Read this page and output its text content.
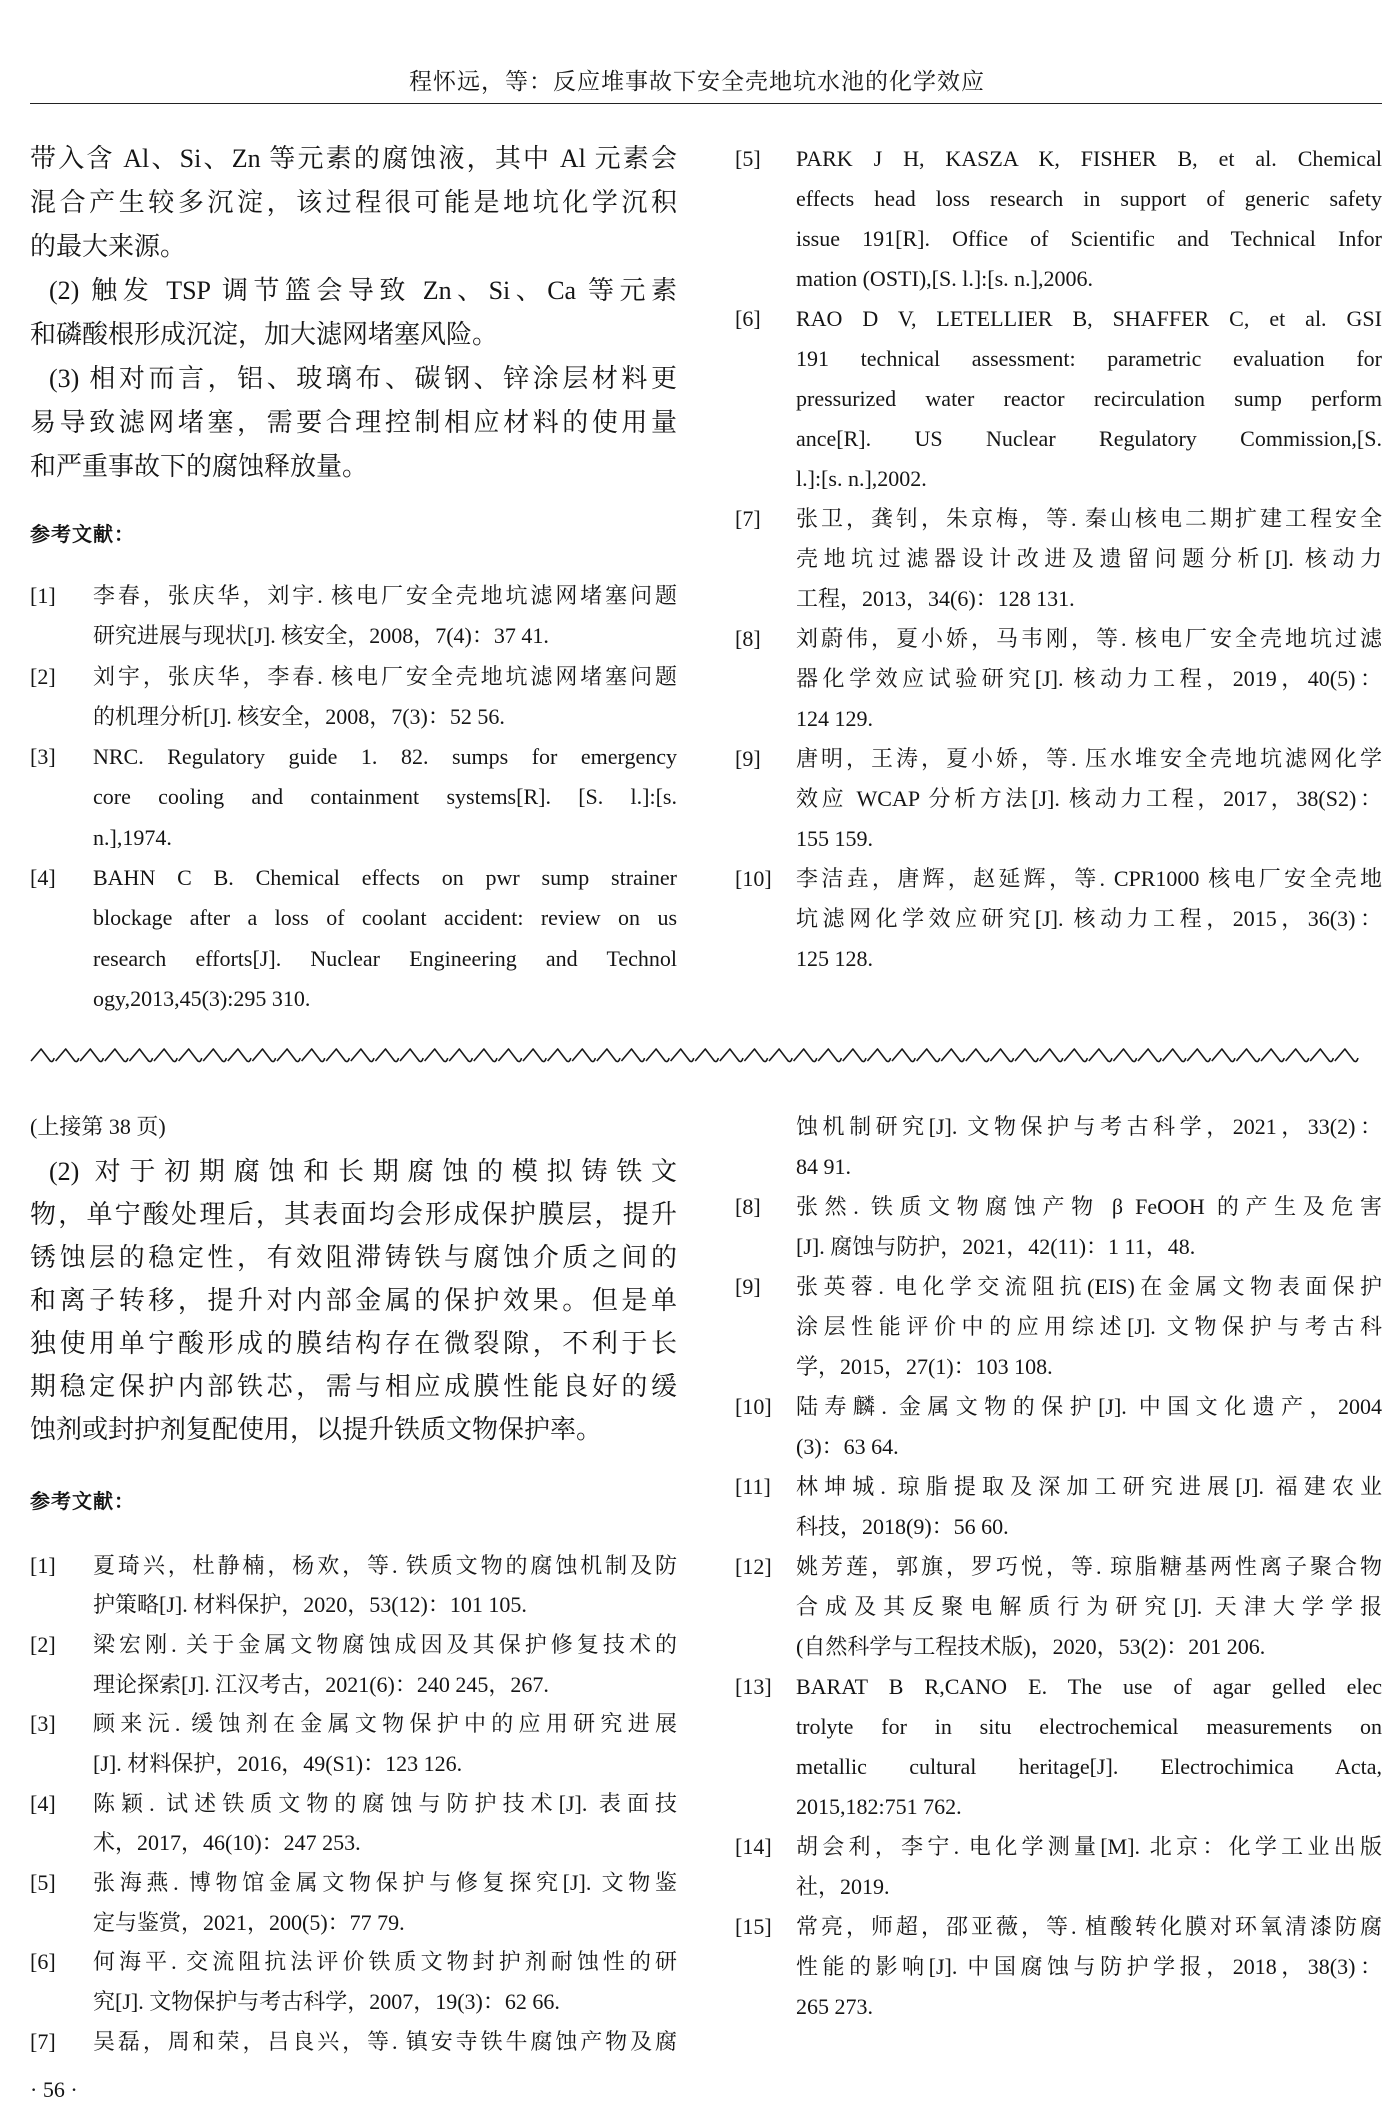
程怀远，等：反应堆事故下安全壳地坑水池的化学效应
带入含 Al、Si、Zn 等元素的腐蚀液，其中 Al 元素会
混合产生较多沉淀，该过程很可能是地坑化学沉积
的最大来源。
(2) 触发 TSP 调节篮会导致 Zn、Si、Ca 等元素
和磷酸根形成沉淀，加大滤网堵塞风险。
(3) 相对而言，铝、玻璃布、碳钢、锌涂层材料更
易导致滤网堵塞，需要合理控制相应材料的使用量
和严重事故下的腐蚀释放量。
参考文献：
[1] 李春，张庆华，刘宇. 核电厂安全壳地坑滤网堵塞问题
研究进展与现状[J]. 核安全，2008，7(4)：37 41.
[2] 刘宇，张庆华，李春. 核电厂安全壳地坑滤网堵塞问题
的机理分析[J]. 核安全，2008，7(3)：52 56.
[3] NRC. Regulatory guide 1. 82. sumps for emergency
core cooling and containment systems[R]. [S. l.]:[s.
n.],1974.
[4] BAHN C B. Chemical effects on pwr sump strainer
blockage after a loss of coolant accident: review on us
research efforts[J]. Nuclear Engineering and Technol
ogy,2013,45(3):295 310.
[5] PARK J H, KASZA K, FISHER B, et al. Chemical
effects head loss research in support of generic safety
issue 191[R]. Office of Scientific and Technical Infor
mation (OSTI),[S. l.]:[s. n.],2006.
[6] RAO D V, LETELLIER B, SHAFFER C, et al. GSI
191 technical assessment: parametric evaluation for
pressurized water reactor recirculation sump perform
ance[R]. US Nuclear Regulatory Commission,[S.
l.]:[s. n.],2002.
[7] 张卫，龚钊，朱京梅，等. 秦山核电二期扩建工程安全
壳地坑过滤器设计改进及遗留问题分析[J]. 核动力
工程，2013，34(6)：128 131.
[8] 刘蔚伟，夏小娇，马韦刚，等. 核电厂安全壳地坑过滤
器化学效应试验研究[J]. 核动力工程，2019，40(5)：
124 129.
[9] 唐明，王涛，夏小娇，等. 压水堆安全壳地坑滤网化学
效应 WCAP 分析方法[J]. 核动力工程，2017，38(S2)：
155 159.
[10] 李洁垚，唐辉，赵延辉，等. CPR1000 核电厂安全壳地
坑滤网化学效应研究[J]. 核动力工程，2015，36(3)：
125 128.
(上接第 38 页)
(2) 对于初期腐蚀和长期腐蚀的模拟铸铁文
物，单宁酸处理后，其表面均会形成保护膜层，提升
锈蚀层的稳定性，有效阻滞铸铁与腐蚀介质之间的
和离子转移，提升对内部金属的保护效果。但是单
独使用单宁酸形成的膜结构存在微裂隙，不利于长
期稳定保护内部铁芯，需与相应成膜性能良好的缓
蚀剂或封护剂复配使用，以提升铁质文物保护率。
参考文献：
[1] 夏琦兴，杜静楠，杨欢，等. 铁质文物的腐蚀机制及防
护策略[J]. 材料保护，2020，53(12)：101 105.
[2] 梁宏刚. 关于金属文物腐蚀成因及其保护修复技术的
理论探索[J]. 江汉考古，2021(6)：240 245，267.
[3] 顾来沅. 缓蚀剂在金属文物保护中的应用研究进展
[J]. 材料保护，2016，49(S1)：123 126.
[4] 陈颖. 试述铁质文物的腐蚀与防护技术[J]. 表面技
术，2017，46(10)：247 253.
[5] 张海燕. 博物馆金属文物保护与修复探究[J]. 文物鉴
定与鉴赏，2021，200(5)：77 79.
[6] 何海平. 交流阻抗法评价铁质文物封护剂耐蚀性的研
究[J]. 文物保护与考古科学，2007，19(3)：62 66.
[7] 吴磊，周和荣，吕良兴，等. 镇安寺铁牛腐蚀产物及腐
蚀机制研究[J]. 文物保护与考古科学，2021，33(2)：
84 91.
[8] 张然. 铁质文物腐蚀产物 β FeOOH 的产生及危害
[J]. 腐蚀与防护，2021，42(11)：1 11，48.
[9] 张英蓉. 电化学交流阻抗(EIS)在金属文物表面保护
涂层性能评价中的应用综述[J]. 文物保护与考古科
学，2015，27(1)：103 108.
[10] 陆寿麟. 金属文物的保护[J]. 中国文化遗产，2004
(3)：63 64.
[11] 林坤城. 琼脂提取及深加工研究进展[J]. 福建农业
科技，2018(9)：56 60.
[12] 姚芳莲，郭旗，罗巧悦，等. 琼脂糖基两性离子聚合物
合成及其反聚电解质行为研究[J]. 天津大学学报
(自然科学与工程技术版)，2020，53(2)：201 206.
[13] BARAT B R,CANO E. The use of agar gelled elec
trolyte for in situ electrochemical measurements on
metallic cultural heritage[J]. Electrochimica Acta,
2015,182:751 762.
[14] 胡会利，李宁. 电化学测量[M]. 北京：化学工业出版
社，2019.
[15] 常亮，师超，邵亚薇，等. 植酸转化膜对环氧清漆防腐
性能的影响[J]. 中国腐蚀与防护学报，2018，38(3)：
265 273.
· 56 ·
